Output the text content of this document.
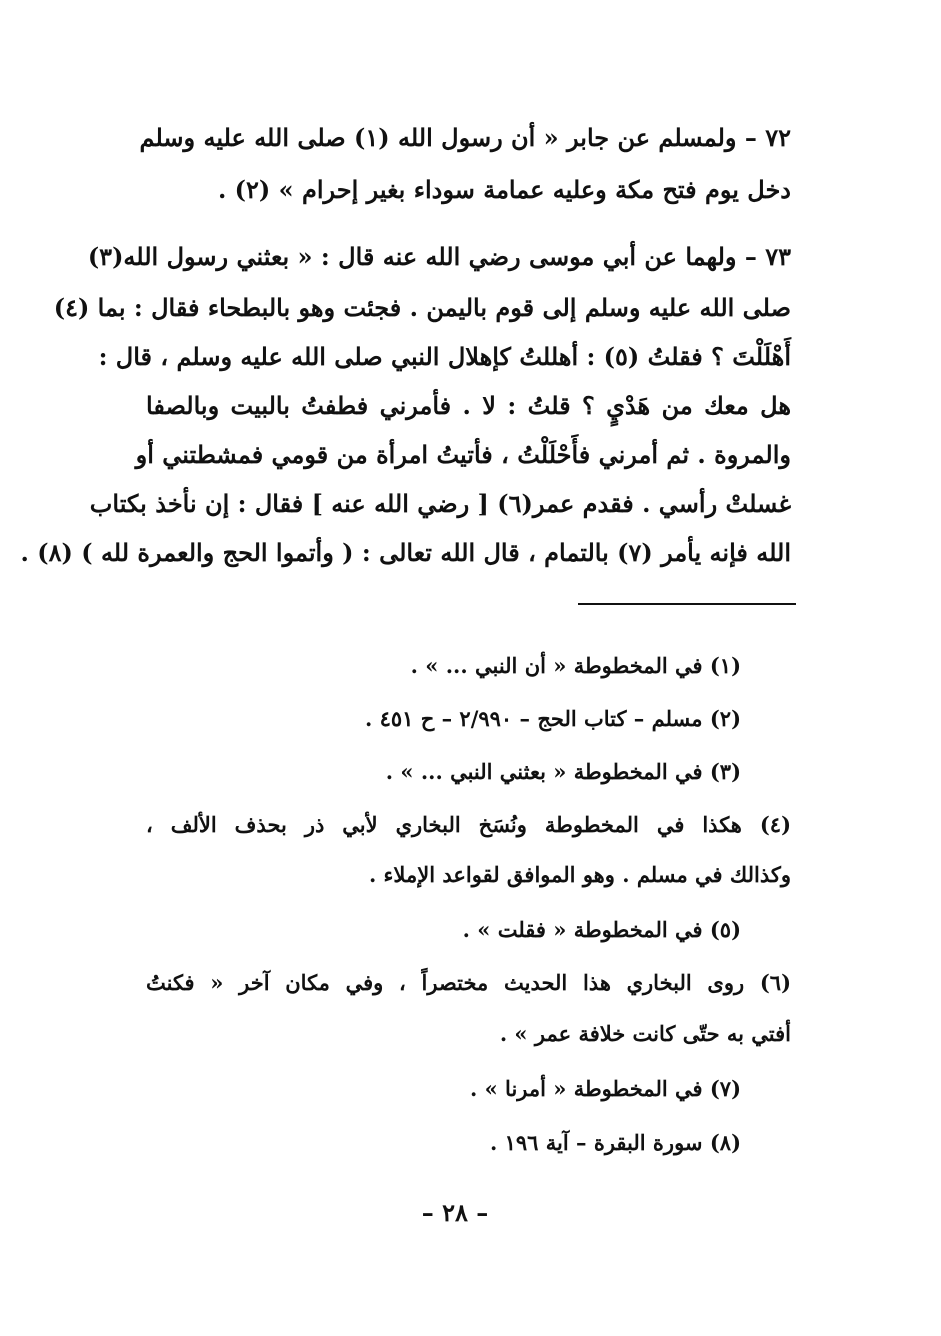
٧٢ – ولمسلم عن جابر « أن رسول الله (١) صلى الله عليه وسلم
دخل يوم فتح مكة وعليه عمامة سوداء بغير إحرام » (٢) .
٧٣ – ولهما عن أبي موسى رضي الله عنه قال : « بعثني رسول الله(٣)
صلى الله عليه وسلم إلى قوم باليمن . فجئت وهو بالبطحاء فقال : بما (٤)
أَهْلَلْتَ ؟ فقلتُ (٥) : أهللتُ كإهلال النبي صلى الله عليه وسلم ، قال :
هل معك من هَدْيٍ ؟ قلتُ : لا . فأمرني فطفتُ بالبيت وبالصفا
والمروة . ثم أمرني فأَحْلَلْتُ ، فأتيتُ امرأة من قومي فمشطتني أو
غسلتْ رأسي . فقدم عمر(٦) [ رضي الله عنه ] فقال : إن نأخذ بكتاب
الله فإنه يأمر (٧) بالتمام ، قال الله تعالى : ( وأتموا الحج والعمرة لله ) (٨) .
(١) في المخطوطة « أن النبي ... » .
(٢) مسلم – كتاب الحج – ٢/٩٩٠ – ح ٤٥١ .
(٣) في المخطوطة « بعثني النبي ... » .
(٤) هكذا في المخطوطة ونُسَخ البخاري لأبي ذر بحذف الألف ،
وكذالك في مسلم . وهو الموافق لقواعد الإملاء .
(٥) في المخطوطة « فقلت » .
(٦) روى البخاري هذا الحديث مختصراً ، وفي مكان آخر « فكنتُ
أفتي به حتّى كانت خلافة عمر » .
(٧) في المخطوطة « أمرنا » .
(٨) سورة البقرة – آية ١٩٦ .
– ٢٨ –
